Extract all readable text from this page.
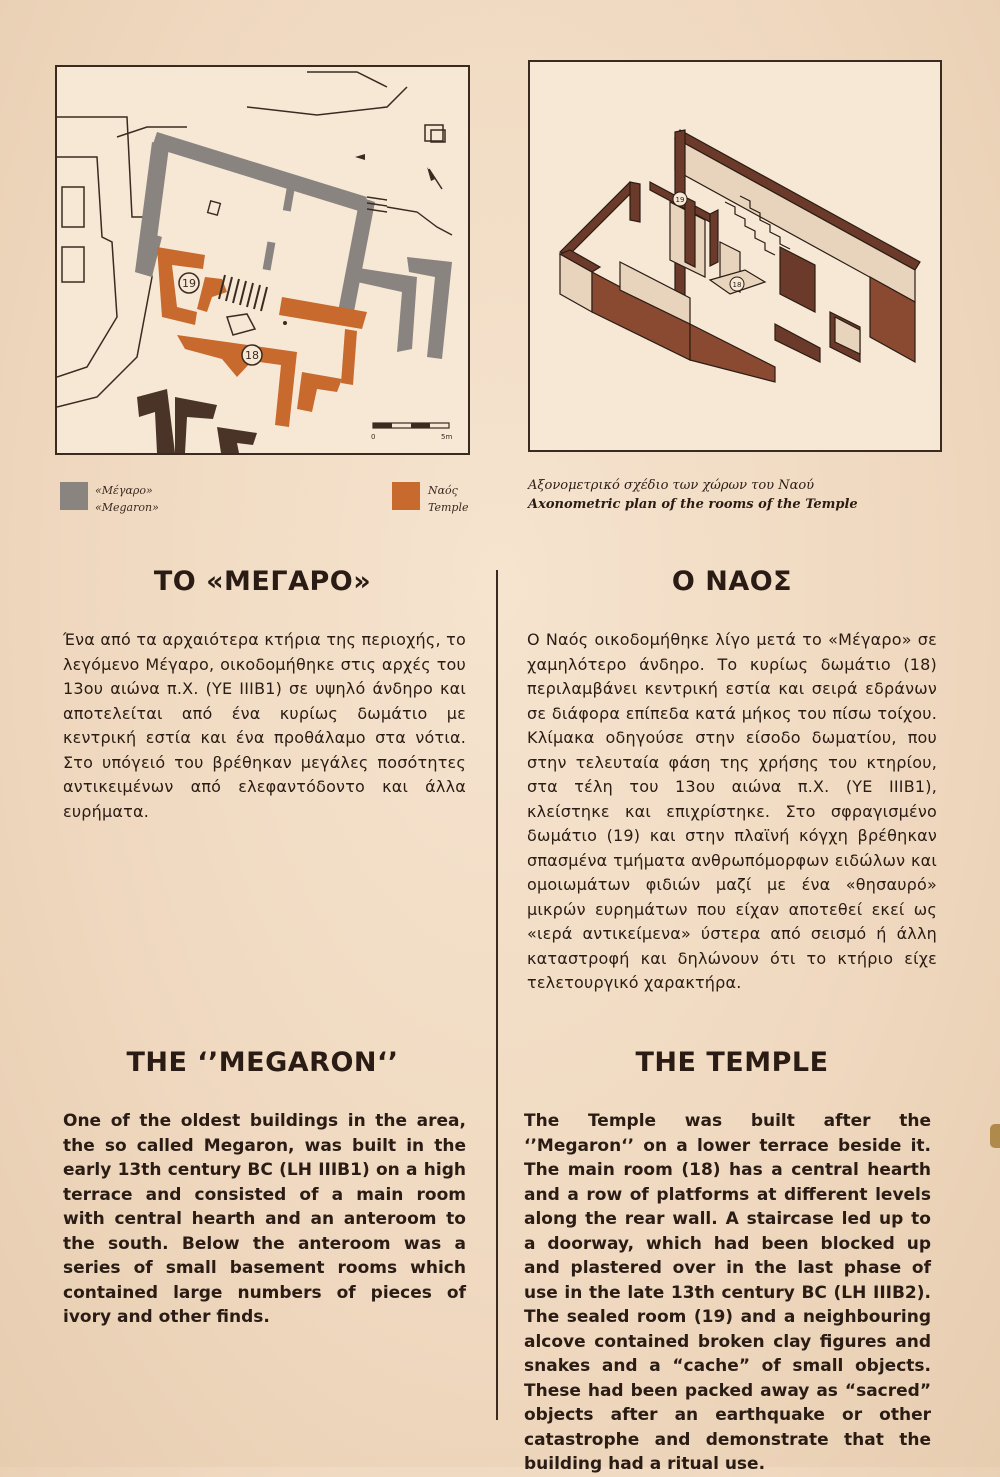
19
18
0	5m
19
18
«Μέγαρο»
«Megaron»
Ναός
Temple
Αξονομετρικό σχέδιο των χώρων του Ναού
Axonometric plan of the rooms of the Temple
ΤΟ «ΜΕΓΑΡΟ»
Ένα από τα αρχαιότερα κτήρια της περιοχής, το λεγόμενο Μέγαρο, οικοδομήθηκε στις αρχές του 13ου αιώνα π.Χ. (ΥΕ IIIΒ1) σε υψηλό άνδηρο και αποτελείται από ένα κυρίως δωμάτιο με κεντρική εστία και ένα προθάλαμο στα νότια. Στο υπόγειό του βρέθηκαν μεγάλες ποσότητες αντικειμένων από ελεφαντόδοντο και άλλα ευρήματα.
THE ‘’MEGARON‘’
One of the oldest buildings in the area, the so called Megaron, was built in the early 13th century BC (LH IIIB1) on a high terrace and consisted of a main room with central hearth and an anteroom to the south. Below the anteroom was a series of small basement rooms which contained large numbers of pieces of ivory and other finds.
Ο ΝΑΟΣ
Ο Ναός οικοδομήθηκε λίγο μετά το «Μέγαρο» σε χαμηλότερο άνδηρο. Το κυρίως δωμάτιο (18) περιλαμβάνει κεντρική εστία και σειρά εδράνων σε διάφορα επίπεδα κατά μήκος του πίσω τοίχου. Κλίμακα οδηγούσε στην είσοδο δωματίου, που στην τελευταία φάση της χρήσης του κτηρίου, στα τέλη του 13ου αιώνα π.Χ. (ΥΕ IIIΒ1), κλείστηκε και επιχρίστηκε. Στο σφραγισμένο δωμάτιο (19) και στην πλαϊνή κόγχη βρέθηκαν σπασμένα τμήματα ανθρωπόμορφων ειδώλων και ομοιωμάτων φιδιών μαζί με ένα «θησαυρό» μικρών ευρημάτων που είχαν αποτεθεί εκεί ως «ιερά αντικείμενα» ύστερα από σεισμό ή άλλη καταστροφή και δηλώνουν ότι το κτήριο είχε τελετουργικό χαρακτήρα.
THE TEMPLE
The Temple was built after the ‘’Megaron‘’ on a lower terrace beside it. The main room (18) has a central hearth and a row of platforms at different levels along the rear wall. A staircase led up to a doorway, which had been blocked up and plastered over in the last phase of use in the late 13th century BC (LH IIIB2). The sealed room (19) and a neighbouring alcove contained broken clay figures and snakes and a “cache” of small objects. These had been packed away as “sacred” objects after an earthquake or other catastrophe and demonstrate that the building had a ritual use.
